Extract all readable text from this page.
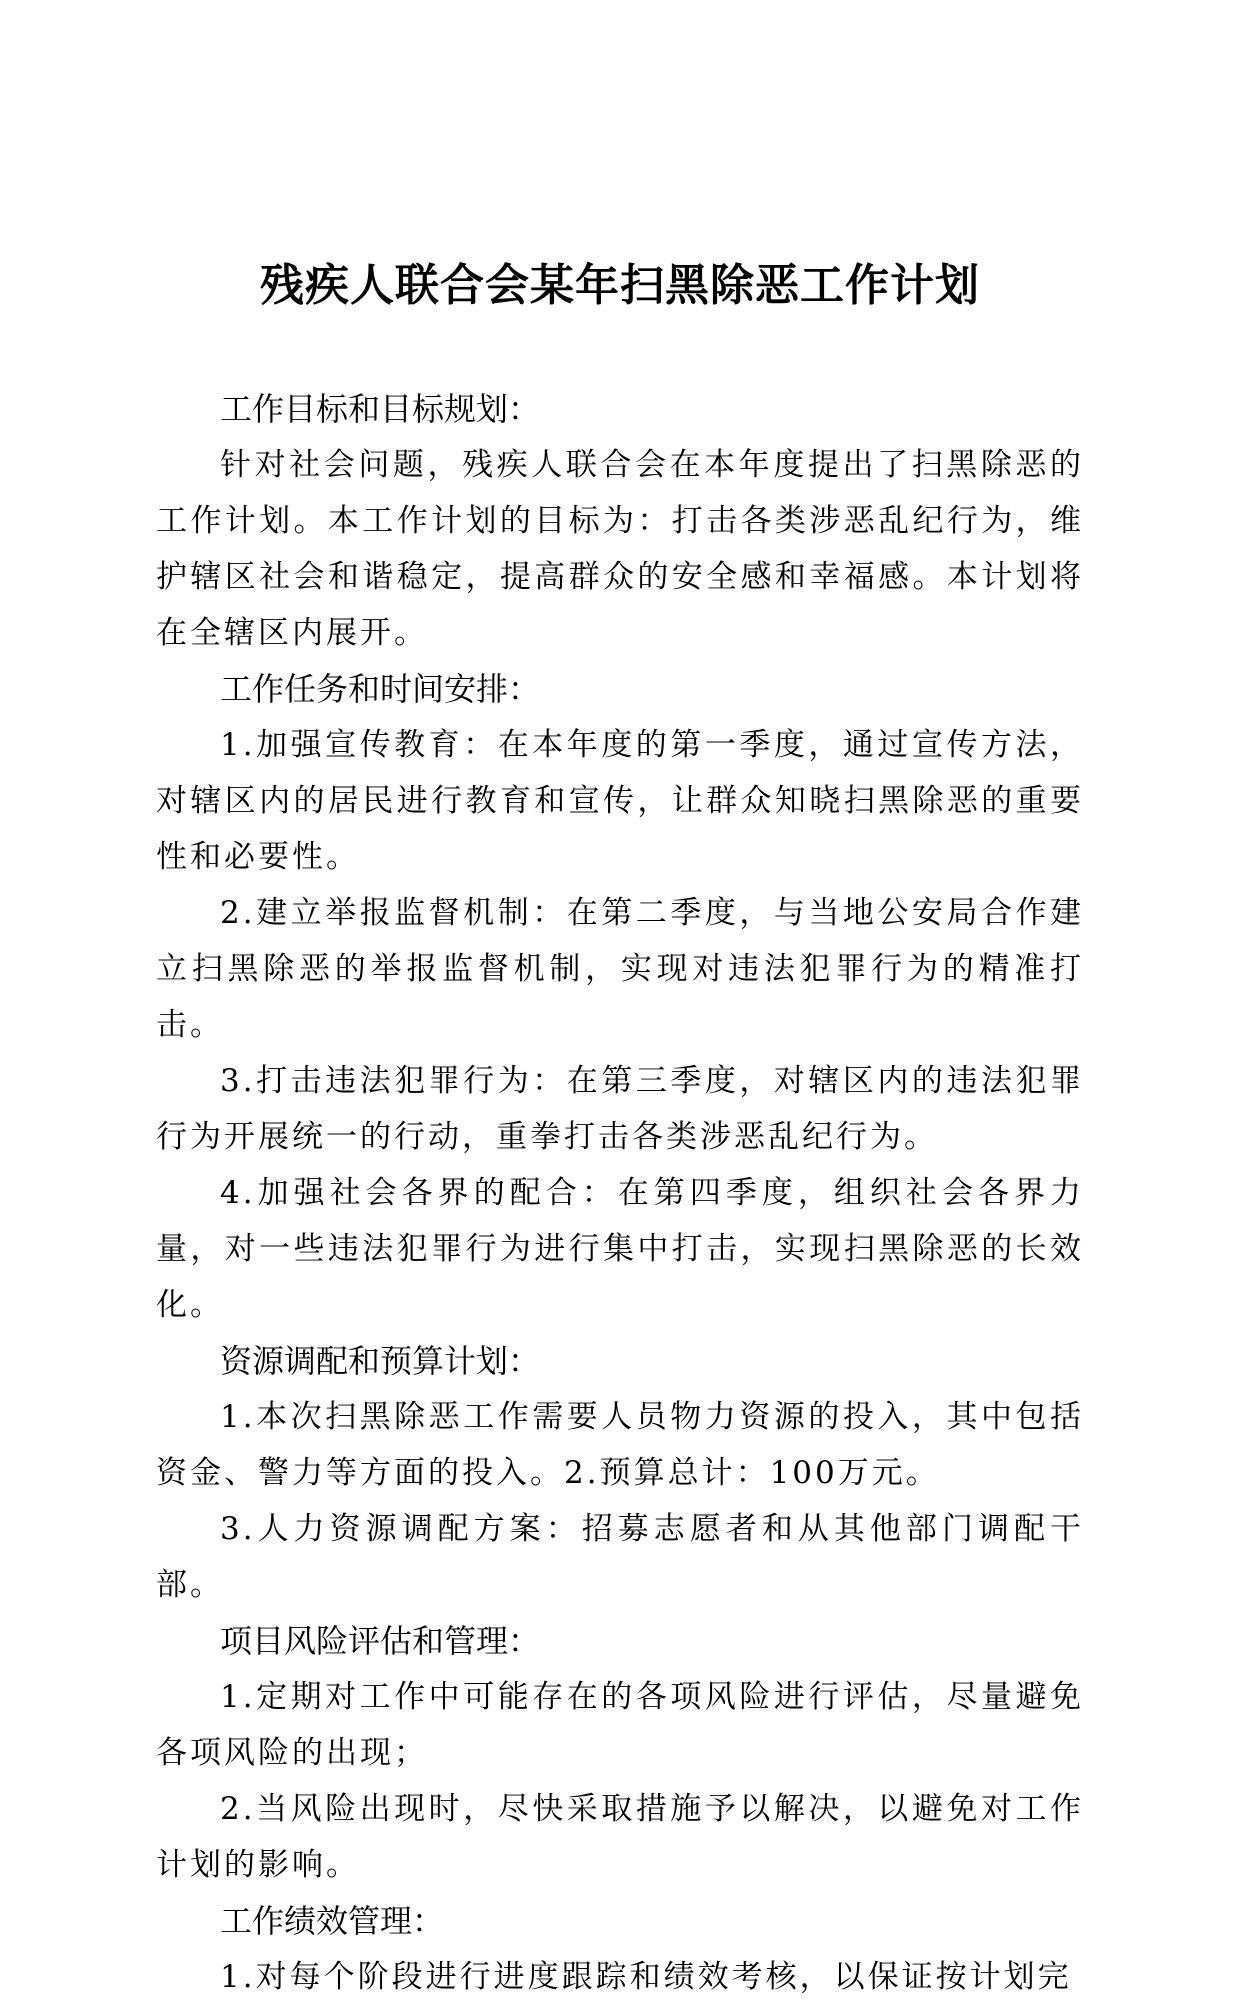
残疾人联合会某年扫黑除恶工作计划
工作目标和目标规划：

针对社会问题，残疾人联合会在本年度提出了扫黑除恶的工作计划。本工作计划的目标为：打击各类涉恶乱纪行为，维护辖区社会和谐稳定，提高群众的安全感和幸福感。本计划将在全辖区内展开。

工作任务和时间安排：

1.加强宣传教育：在本年度的第一季度，通过宣传方法，对辖区内的居民进行教育和宣传，让群众知晓扫黑除恶的重要性和必要性。

2.建立举报监督机制：在第二季度，与当地公安局合作建立扫黑除恶的举报监督机制，实现对违法犯罪行为的精准打击。

3.打击违法犯罪行为：在第三季度，对辖区内的违法犯罪行为开展统一的行动，重拳打击各类涉恶乱纪行为。

4.加强社会各界的配合：在第四季度，组织社会各界力量，对一些违法犯罪行为进行集中打击，实现扫黑除恶的长效化。

资源调配和预算计划：

1.本次扫黑除恶工作需要人员物力资源的投入，其中包括资金、警力等方面的投入。2.预算总计：100万元。

3.人力资源调配方案：招募志愿者和从其他部门调配干部。

项目风险评估和管理：

1.定期对工作中可能存在的各项风险进行评估，尽量避免各项风险的出现；

2.当风险出现时，尽快采取措施予以解决，以避免对工作计划的影响。

工作绩效管理：

1.对每个阶段进行进度跟踪和绩效考核，以保证按计划完
